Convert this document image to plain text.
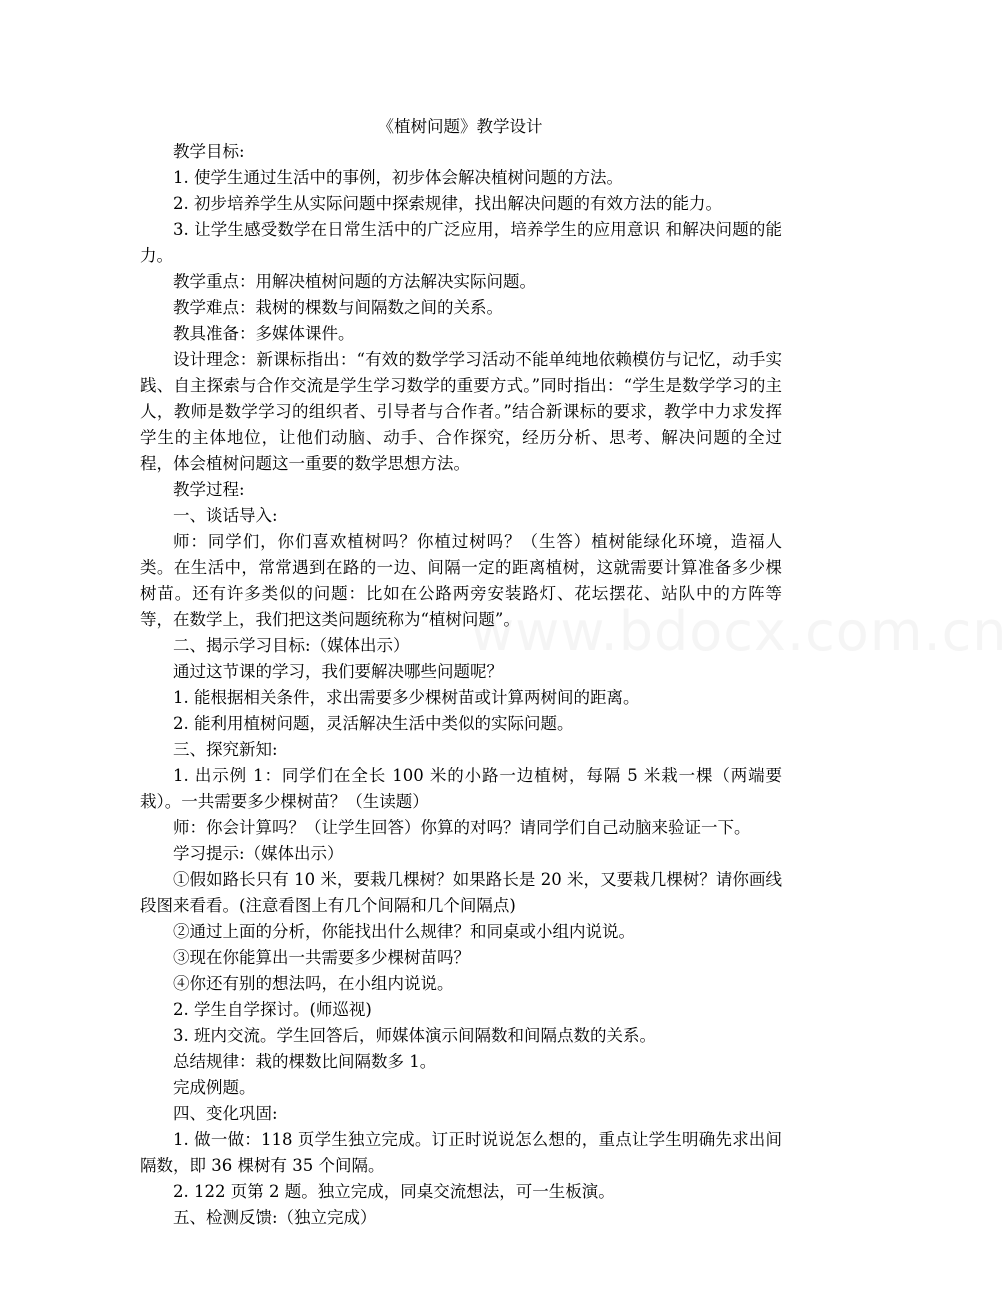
《植树问题》教学设计
www.bdocx.com.cn

教学目标:

1. 使学生通过生活中的事例，初步体会解决植树问题的方法。

2. 初步培养学生从实际问题中探索规律，找出解决问题的有效方法的能力。

3. 让学生感受数学在日常生活中的广泛应用，培养学生的应用意识 和解决问题的能力。

教学重点：用解决植树问题的方法解决实际问题。

教学难点：栽树的棵数与间隔数之间的关系。

教具准备：多媒体课件。

设计理念：新课标指出：“有效的数学学习活动不能单纯地依赖模仿与记忆，动手实践、自主探索与合作交流是学生学习数学的重要方式。”同时指出：“学生是数学学习的主人，教师是数学学习的组织者、引导者与合作者。”结合新课标的要求，教学中力求发挥学生的主体地位，让他们动脑、动手、合作探究，经历分析、思考、解决问题的全过程，体会植树问题这一重要的数学思想方法。

教学过程:

一、谈话导入:

师：同学们，你们喜欢植树吗？你植过树吗？（生答）植树能绿化环境，造福人类。在生活中，常常遇到在路的一边、间隔一定的距离植树，这就需要计算准备多少棵树苗。还有许多类似的问题：比如在公路两旁安装路灯、花坛摆花、站队中的方阵等等，在数学上，我们把这类问题统称为“植树问题”。

二、揭示学习目标:（媒体出示）

通过这节课的学习，我们要解决哪些问题呢？

1. 能根据相关条件，求出需要多少棵树苗或计算两树间的距离。

2. 能利用植树问题，灵活解决生活中类似的实际问题。

三、探究新知:

1. 出示例 1：同学们在全长 100 米的小路一边植树，每隔 5 米栽一棵（两端要栽）。一共需要多少棵树苗？（生读题）

师：你会计算吗？（让学生回答）你算的对吗？请同学们自己动脑来验证一下。

学习提示:（媒体出示）

①假如路长只有 10 米，要栽几棵树？如果路长是 20 米，又要栽几棵树？请你画线段图来看看。(注意看图上有几个间隔和几个间隔点)

②通过上面的分析，你能找出什么规律？和同桌或小组内说说。

③现在你能算出一共需要多少棵树苗吗？

④你还有别的想法吗，在小组内说说。

2. 学生自学探讨。(师巡视)

3. 班内交流。学生回答后，师媒体演示间隔数和间隔点数的关系。

总结规律：栽的棵数比间隔数多 1。

完成例题。

四、变化巩固:

1. 做一做：118 页学生独立完成。订正时说说怎么想的，重点让学生明确先求出间隔数，即 36 棵树有 35 个间隔。

2. 122 页第 2 题。独立完成，同桌交流想法，可一生板演。

五、检测反馈:（独立完成）
